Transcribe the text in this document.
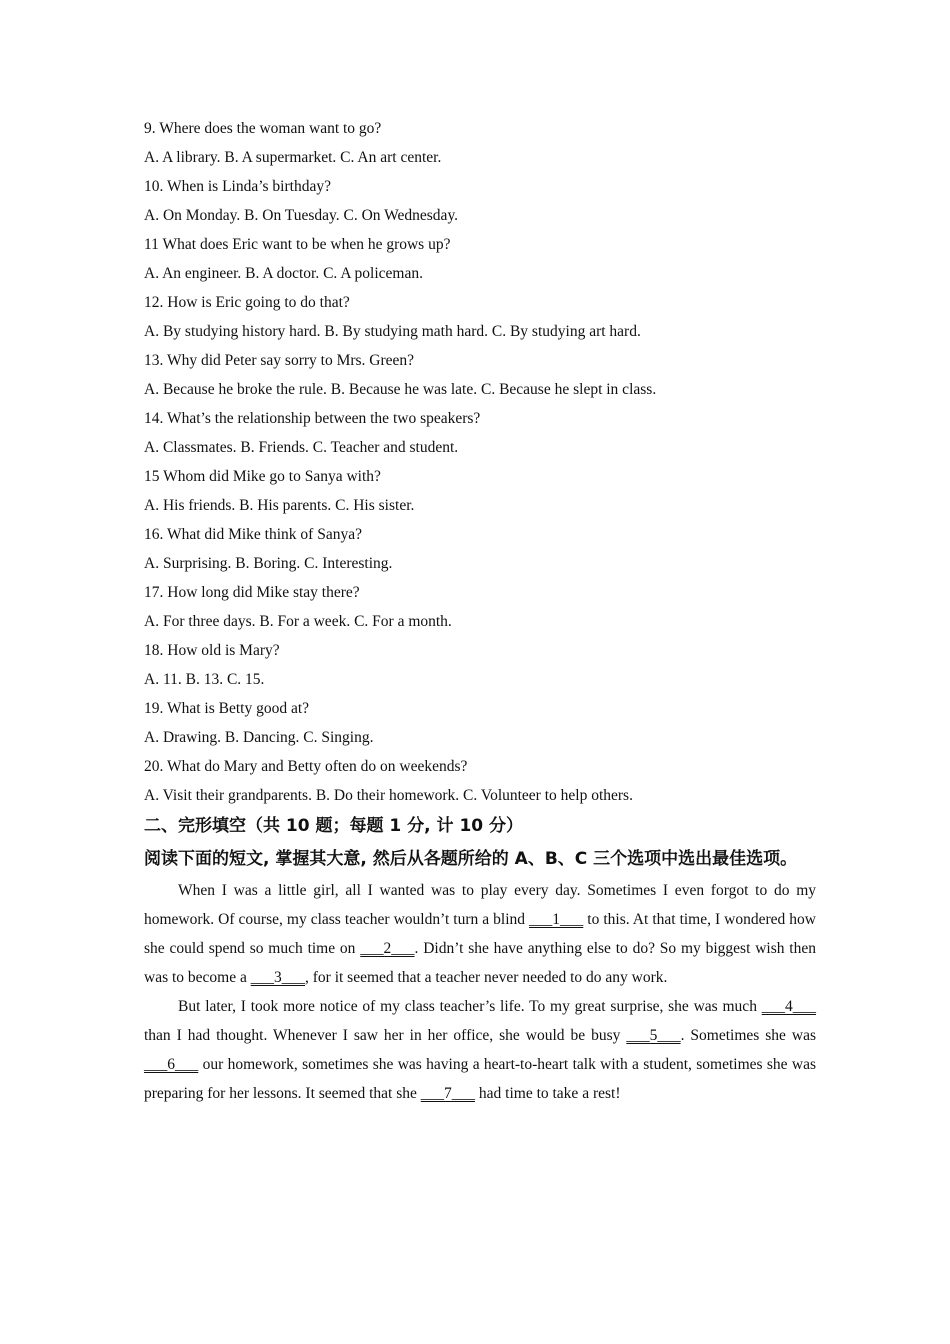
9. Where does the woman want to go?
A. A library. B. A supermarket. C. An art center.
10. When is Linda’s birthday?
A. On Monday. B. On Tuesday. C. On Wednesday.
11 What does Eric want to be when he grows up?
A. An engineer. B. A doctor. C. A policeman.
12. How is Eric going to do that?
A. By studying history hard. B. By studying math hard. C. By studying art hard.
13. Why did Peter say sorry to Mrs. Green?
A. Because he broke the rule. B. Because he was late. C. Because he slept in class.
14. What’s the relationship between the two speakers?
A. Classmates. B. Friends. C. Teacher and student.
15 Whom did Mike go to Sanya with?
A. His friends. B. His parents. C. His sister.
16. What did Mike think of Sanya?
A. Surprising. B. Boring. C. Interesting.
17. How long did Mike stay there?
A. For three days. B. For a week. C. For a month.
18. How old is Mary?
A. 11. B. 13. C. 15.
19. What is Betty good at?
A. Drawing. B. Dancing. C. Singing.
20. What do Mary and Betty often do on weekends?
A. Visit their grandparents. B. Do their homework. C. Volunteer to help others.
二、完形填空（共 10 题；每题 1 分, 计 10 分）
阅读下面的短文, 掌握其大意, 然后从各题所给的 A、B、C 三个选项中选出最佳选项。

When I was a little girl, all I wanted was to play every day. Sometimes I even forgot to do my homework. Of course, my class teacher wouldn’t turn a blind ___1___ to this. At that time, I wondered how she could spend so much time on ___2___. Didn’t she have anything else to do? So my biggest wish then was to become a ___3___, for it seemed that a teacher never needed to do any work.

But later, I took more notice of my class teacher’s life. To my great surprise, she was much ___4___ than I had thought. Whenever I saw her in her office, she would be busy ___5___. Sometimes she was ___6___ our homework, sometimes she was having a heart-to-heart talk with a student, sometimes she was preparing for her lessons. It seemed that she ___7___ had time to take a rest!
